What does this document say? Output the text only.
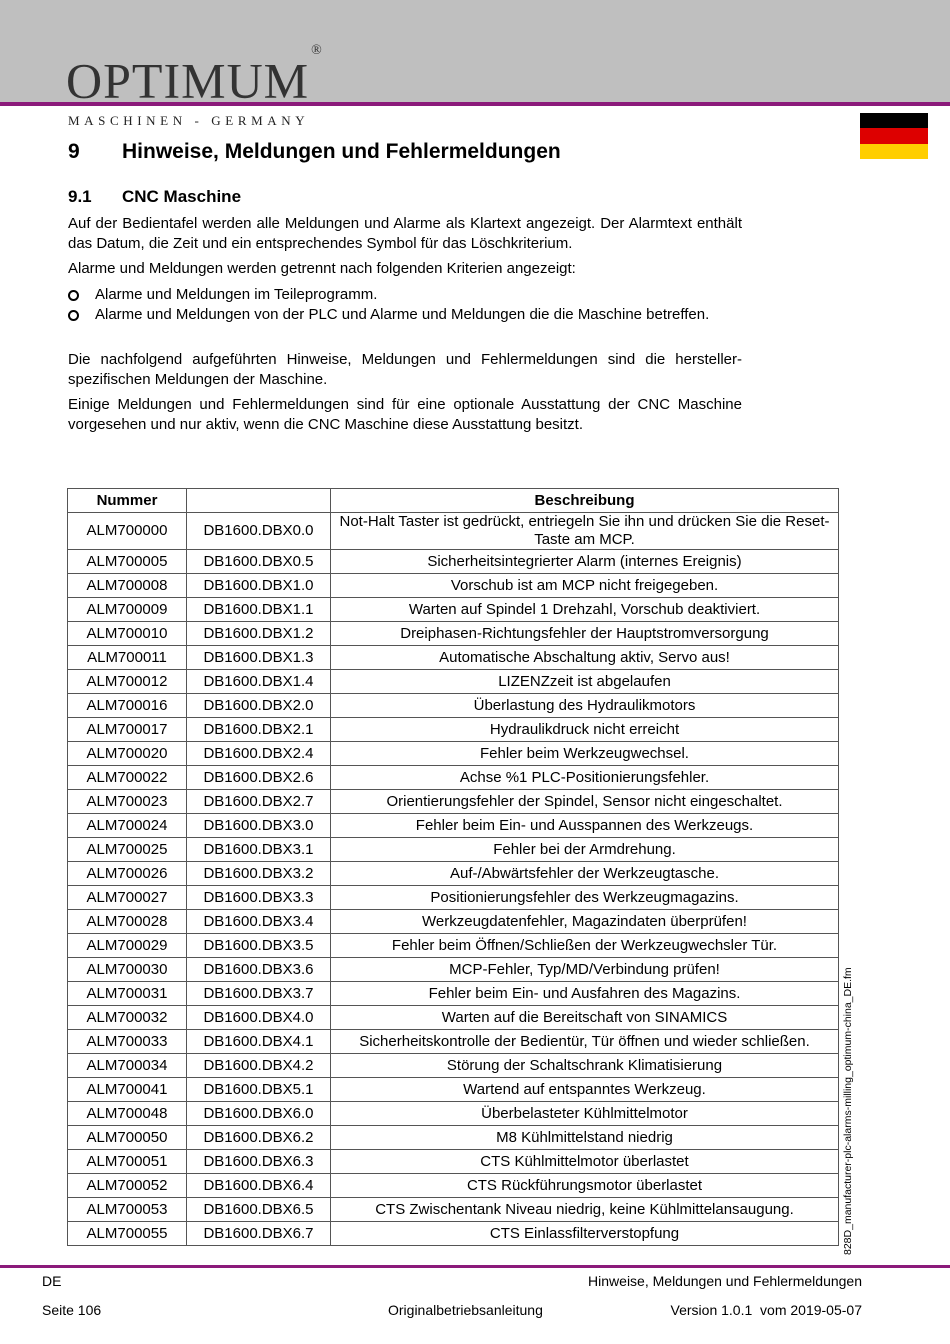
OPTIMUM®
MASCHINEN - GERMANY
9 Hinweise, Meldungen und Fehlermeldungen
9.1 CNC Maschine
Auf der Bedientafel werden alle Meldungen und Alarme als Klartext angezeigt. Der Alarmtext enthält das Datum, die Zeit und ein entsprechendes Symbol für das Löschkriterium.
Alarme und Meldungen werden getrennt nach folgenden Kriterien angezeigt:
Alarme und Meldungen im Teileprogramm.
Alarme und Meldungen von der PLC und Alarme und Meldungen die die Maschine betreffen.
Die nachfolgend aufgeführten Hinweise, Meldungen und Fehlermeldungen sind die hersteller-spezifischen Meldungen der Maschine.
Einige Meldungen und Fehlermeldungen sind für eine optionale Ausstattung der CNC Maschine vorgesehen und nur aktiv, wenn die CNC Maschine diese Ausstattung besitzt.
Nummer		Beschreibung
ALM700000	DB1600.DBX0.0	Not-Halt Taster ist gedrückt, entriegeln Sie ihn und drücken Sie die Reset-Taste am MCP.
ALM700005	DB1600.DBX0.5	Sicherheitsintegrierter Alarm (internes Ereignis)
ALM700008	DB1600.DBX1.0	Vorschub ist am MCP nicht freigegeben.
ALM700009	DB1600.DBX1.1	Warten auf Spindel 1 Drehzahl, Vorschub deaktiviert.
ALM700010	DB1600.DBX1.2	Dreiphasen-Richtungsfehler der Hauptstromversorgung
ALM700011	DB1600.DBX1.3	Automatische Abschaltung aktiv, Servo aus!
ALM700012	DB1600.DBX1.4	LIZENZzeit ist abgelaufen
ALM700016	DB1600.DBX2.0	Überlastung des Hydraulikmotors
ALM700017	DB1600.DBX2.1	Hydraulikdruck nicht erreicht
ALM700020	DB1600.DBX2.4	Fehler beim Werkzeugwechsel.
ALM700022	DB1600.DBX2.6	Achse %1 PLC-Positionierungsfehler.
ALM700023	DB1600.DBX2.7	Orientierungsfehler der Spindel, Sensor nicht eingeschaltet.
ALM700024	DB1600.DBX3.0	Fehler beim Ein- und Ausspannen des Werkzeugs.
ALM700025	DB1600.DBX3.1	Fehler bei der Armdrehung.
ALM700026	DB1600.DBX3.2	Auf-/Abwärtsfehler der Werkzeugtasche.
ALM700027	DB1600.DBX3.3	Positionierungsfehler des Werkzeugmagazins.
ALM700028	DB1600.DBX3.4	Werkzeugdatenfehler, Magazindaten überprüfen!
ALM700029	DB1600.DBX3.5	Fehler beim Öffnen/Schließen der Werkzeugwechsler Tür.
ALM700030	DB1600.DBX3.6	MCP-Fehler, Typ/MD/Verbindung prüfen!
ALM700031	DB1600.DBX3.7	Fehler beim Ein- und Ausfahren des Magazins.
ALM700032	DB1600.DBX4.0	Warten auf die Bereitschaft von SINAMICS
ALM700033	DB1600.DBX4.1	Sicherheitskontrolle der Bedientür, Tür öffnen und wieder schließen.
ALM700034	DB1600.DBX4.2	Störung der Schaltschrank Klimatisierung
ALM700041	DB1600.DBX5.1	Wartend auf entspanntes Werkzeug.
ALM700048	DB1600.DBX6.0	Überbelasteter Kühlmittelmotor
ALM700050	DB1600.DBX6.2	M8 Kühlmittelstand niedrig
ALM700051	DB1600.DBX6.3	CTS Kühlmittelmotor überlastet
ALM700052	DB1600.DBX6.4	CTS Rückführungsmotor überlastet
ALM700053	DB1600.DBX6.5	CTS Zwischentank Niveau niedrig, keine Kühlmittelansaugung.
ALM700055	DB1600.DBX6.7	CTS Einlassfilterverstopfung	828D_manufacturer-plc-alarms-milling_optimum-china_DE.fm
DE	Hinweise, Meldungen und Fehlermeldungen
Seite 106	Originalbetriebsanleitung	Version 1.0.1  vom 2019-05-07
